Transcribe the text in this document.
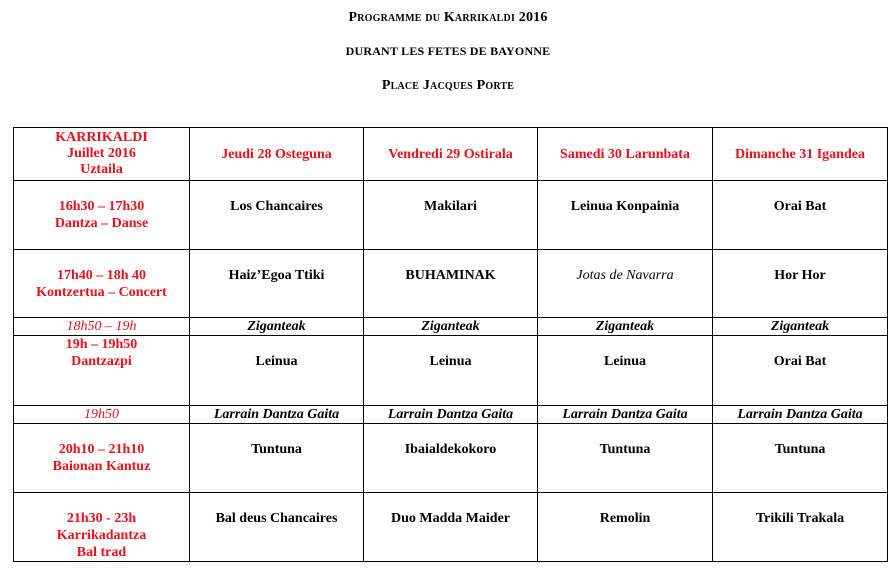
Programme du Karrikaldi 2016
DURANT LES FETES DE BAYONNE
Place Jacques Porte
KARRIKALDI
Juillet 2016
Uztaila	Jeudi 28 Osteguna	Vendredi 29 Ostirala	Samedi 30 Larunbata	Dimanche 31 Igandea

16h30 – 17h30
Dantza – Danse	Los Chancaires	Makilari	Leinua Konpainia	Orai Bat

17h40 – 18h 40
Kontzertua – Concert	Haiz’Egoa Ttiki	BUHAMINAK	Jotas de Navarra	Hor Hor
18h50 – 19h	Ziganteak	Ziganteak	Ziganteak	Ziganteak

19h – 19h50
Dantzazpi	Leinua	Leinua	Leinua	Orai Bat
19h50	Larrain Dantza Gaita	Larrain Dantza Gaita	Larrain Dantza Gaita	Larrain Dantza Gaita

20h10 – 21h10
Baionan Kantuz	Tuntuna	Ibaialdekokoro	Tuntuna	Tuntuna

21h30 - 23h
Karrikadantza
Bal trad	Bal deus Chancaires	Duo Madda Maider	Remolin	Trikili Trakala
